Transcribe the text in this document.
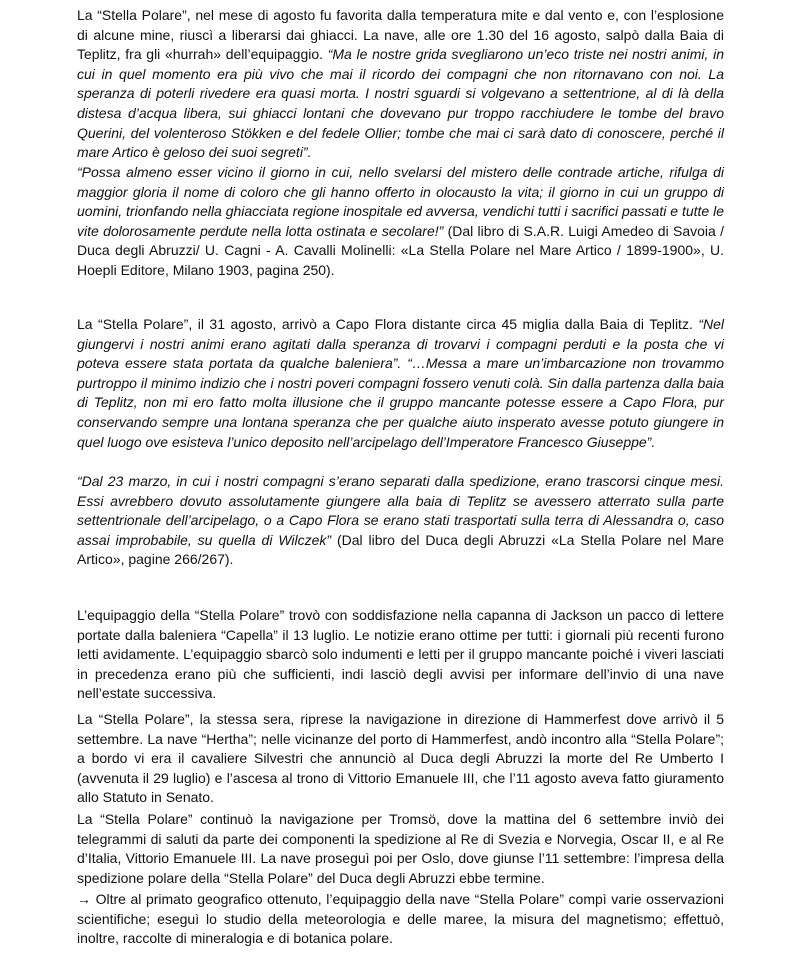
La “Stella Polare”, nel mese di agosto fu favorita dalla temperatura mite e dal vento e, con l’esplosione di alcune mine, riuscì a liberarsi dai ghiacci. La nave, alle ore 1.30 del 16 agosto, salpò dalla Baia di Teplitz, fra gli «hurrah» dell’equipaggio. “Ma le nostre grida svegliarono un’eco triste nei nostri animi, in cui in quel momento era più vivo che mai il ricordo dei compagni che non ritornavano con noi. La speranza di poterli rivedere era quasi morta. I nostri sguardi si volgevano a settentrione, al di là della distesa d’acqua libera, sui ghiacci lontani che dovevano pur troppo racchiudere le tombe del bravo Querini, del volenteroso Stökken e del fedele Ollier; tombe che mai ci sarà dato di conoscere, perché il mare Artico è geloso dei suoi segreti”.

“Possa almeno esser vicino il giorno in cui, nello svelarsi del mistero delle contrade artiche, rifulga di maggior gloria il nome di coloro che gli hanno offerto in olocausto la vita; il giorno in cui un gruppo di uomini, trionfando nella ghiacciata regione inospitale ed avversa, vendichi tutti i sacrifici passati e tutte le vite dolorosamente perdute nella lotta ostinata e secolare!” (Dal libro di S.A.R. Luigi Amedeo di Savoia / Duca degli Abruzzi/ U. Cagni - A. Cavalli Molinelli: «La Stella Polare nel Mare Artico / 1899-1900», U. Hoepli Editore, Milano 1903, pagina 250).

La “Stella Polare”, il 31 agosto, arrivò a Capo Flora distante circa 45 miglia dalla Baia di Teplitz. “Nel giungervi i nostri animi erano agitati dalla speranza di trovarvi i compagni perduti e la posta che vi poteva essere stata portata da qualche baleniera”. “…Messa a mare un’imbarcazione non trovammo purtroppo il minimo indizio che i nostri poveri compagni fossero venuti colà. Sin dalla partenza dalla baia di Teplitz, non mi ero fatto molta illusione che il gruppo mancante potesse essere a Capo Flora, pur conservando sempre una lontana speranza che per qualche aiuto insperato avesse potuto giungere in quel luogo ove esisteva l’unico deposito nell’arcipelago dell’Imperatore Francesco Giuseppe”.

“Dal 23 marzo, in cui i nostri compagni s’erano separati dalla spedizione, erano trascorsi cinque mesi. Essi avrebbero dovuto assolutamente giungere alla baia di Teplitz se avessero atterrato sulla parte settentrionale dell’arcipelago, o a Capo Flora se erano stati trasportati sulla terra di Alessandra o, caso assai improbabile, su quella di Wilczek” (Dal libro del Duca degli Abruzzi «La Stella Polare nel Mare Artico», pagine 266/267).

L’equipaggio della “Stella Polare” trovò con soddisfazione nella capanna di Jackson un pacco di lettere portate dalla baleniera “Capella” il 13 luglio. Le notizie erano ottime per tutti: i giornali più recenti furono letti avidamente. L’equipaggio sbarcò solo indumenti e letti per il gruppo mancante poiché i viveri lasciati in precedenza erano più che sufficienti, indi lasciò degli avvisi per informare dell’invio di una nave nell’estate successiva.

La “Stella Polare”, la stessa sera, riprese la navigazione in direzione di Hammerfest dove arrivò il 5 settembre. La nave “Hertha”; nelle vicinanze del porto di Hammerfest, andò incontro alla “Stella Polare”; a bordo vi era il cavaliere Silvestri che annunciò al Duca degli Abruzzi la morte del Re Umberto I (avvenuta il 29 luglio) e l’ascesa al trono di Vittorio Emanuele III, che l’11 agosto aveva fatto giuramento allo Statuto in Senato.

La “Stella Polare” continuò la navigazione per Tromsö, dove la mattina del 6 settembre inviò dei telegrammi di saluti da parte dei componenti la spedizione al Re di Svezia e Norvegia, Oscar II, e al Re d’Italia, Vittorio Emanuele III. La nave proseguì poi per Oslo, dove giunse l’11 settembre: l’impresa della spedizione polare della “Stella Polare” del Duca degli Abruzzi ebbe termine.

→ Oltre al primato geografico ottenuto, l’equipaggio della nave “Stella Polare” compì varie osservazioni scientifiche; eseguì lo studio della meteorologia e delle maree, la misura del magnetismo; effettuò, inoltre, raccolte di mineralogia e di botanica polare.
